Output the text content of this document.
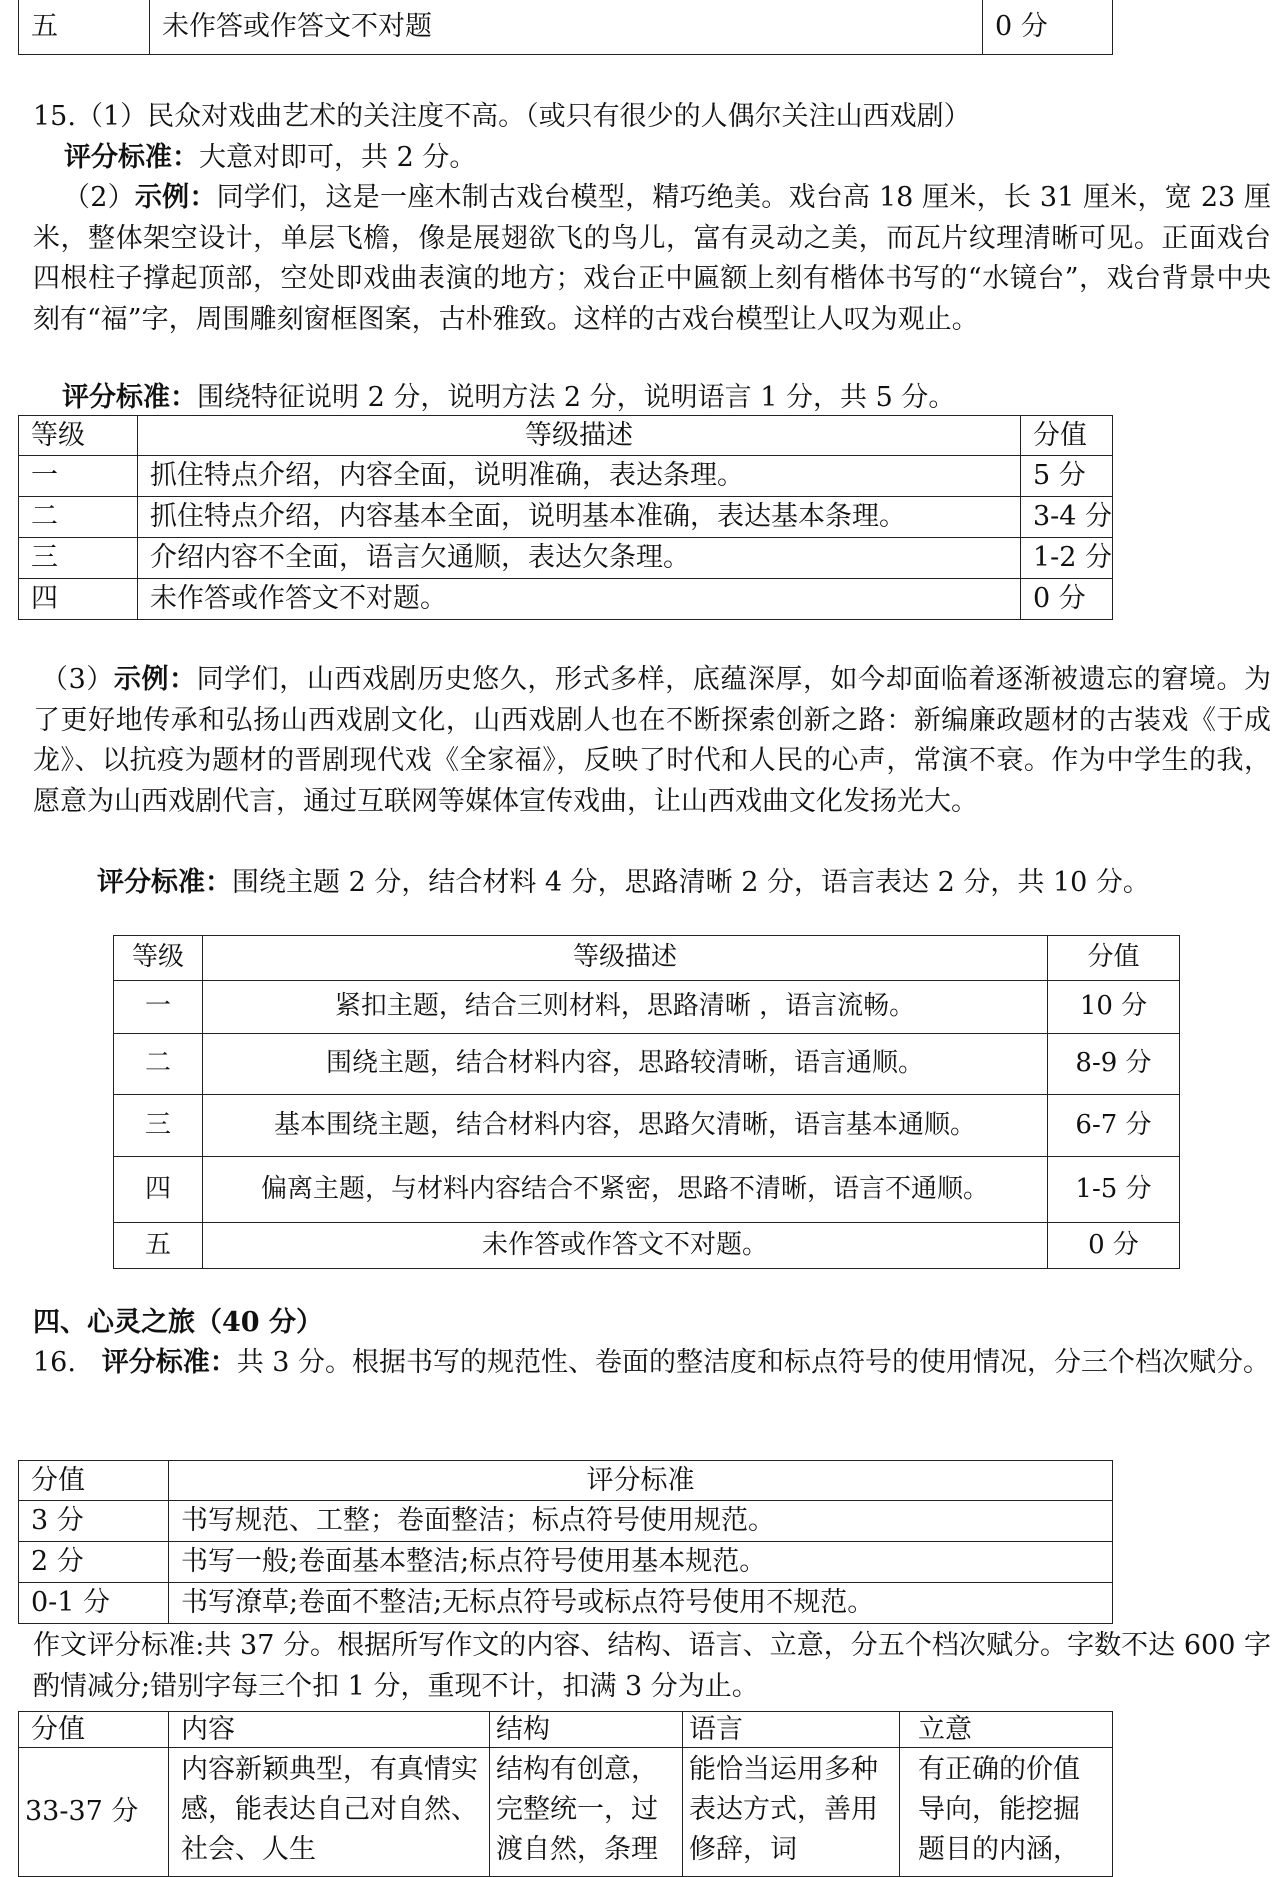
五	未作答或作答文不对题	0 分

15.（1）民众对戏曲艺术的关注度不高。（或只有很少的人偶尔关注山西戏剧）

评分标准：大意对即可，共 2 分。

（2）示例：同学们，这是一座木制古戏台模型，精巧绝美。戏台高 18 厘米，长 31 厘米，宽 23 厘米，整体架空设计，单层飞檐，像是展翅欲飞的鸟儿，富有灵动之美，而瓦片纹理清晰可见。正面戏台四根柱子撑起顶部，空处即戏曲表演的地方；戏台正中匾额上刻有楷体书写的“水镜台”，戏台背景中央刻有“福”字，周围雕刻窗框图案，古朴雅致。这样的古戏台模型让人叹为观止。

评分标准：围绕特征说明 2 分，说明方法 2 分，说明语言 1 分，共 5 分。

等级	等级描述	分值
一	抓住特点介绍，内容全面，说明准确，表达条理。	5 分
二	抓住特点介绍，内容基本全面，说明基本准确，表达基本条理。	3-4 分
三	介绍内容不全面，语言欠通顺，表达欠条理。	1-2 分
四	未作答或作答文不对题。	0 分

（3）示例：同学们，山西戏剧历史悠久，形式多样，底蕴深厚，如今却面临着逐渐被遗忘的窘境。为了更好地传承和弘扬山西戏剧文化，山西戏剧人也在不断探索创新之路：新编廉政题材的古装戏《于成龙》、以抗疫为题材的晋剧现代戏《全家福》，反映了时代和人民的心声，常演不衰。作为中学生的我，愿意为山西戏剧代言，通过互联网等媒体宣传戏曲，让山西戏曲文化发扬光大。

评分标准：围绕主题 2 分，结合材料 4 分，思路清晰 2 分，语言表达 2 分，共 10 分。

等级	等级描述	分值
一	紧扣主题，结合三则材料，思路清晰 ，语言流畅。	10 分
二	围绕主题，结合材料内容，思路较清晰，语言通顺。	8-9 分
三	基本围绕主题，结合材料内容，思路欠清晰，语言基本通顺。	6-7 分
四	偏离主题，与材料内容结合不紧密，思路不清晰，语言不通顺。	1-5 分
五	未作答或作答文不对题。	0 分

四、心灵之旅（40 分）

16. 评分标准：共 3 分。根据书写的规范性、卷面的整洁度和标点符号的使用情况，分三个档次赋分。

分值	评分标准
3 分	书写规范、工整；卷面整洁；标点符号使用规范。
2 分	书写一般;卷面基本整洁;标点符号使用基本规范。
0-1 分	书写潦草;卷面不整洁;无标点符号或标点符号使用不规范。

作文评分标准:共 37 分。根据所写作文的内容、结构、语言、立意，分五个档次赋分。字数不达 600 字酌情减分;错别字每三个扣 1 分，重现不计，扣满 3 分为止。

分值	内容	结构	语言	立意
33-37 分	内容新颖典型，有真情实感，能表达自己对自然、社会、人生	结构有创意，完整统一，过渡自然，条理	能恰当运用多种表达方式，善用修辞，词	有正确的价值导向，能挖掘题目的内涵，
